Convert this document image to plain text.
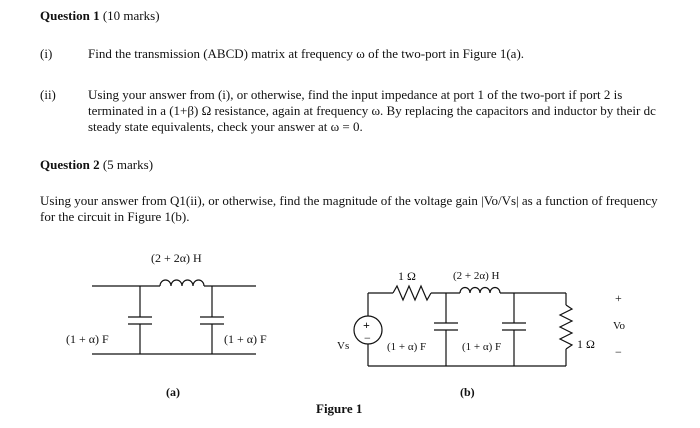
Question 1 (10 marks)
(i)	Find the transmission (ABCD) matrix at frequency ω of the two-port in Figure 1(a).
(ii) Using your answer from (i), or otherwise, find the input impedance at port 1 of the two-port if port 2 is terminated in a (1+β) Ω resistance, again at frequency ω. By replacing the capacitors and inductor by their dc steady state equivalents, check your answer at ω = 0.
Question 2 (5 marks)
Using your answer from Q1(ii), or otherwise, find the magnitude of the voltage gain |Vo/Vs| as a function of frequency for the circuit in Figure 1(b).
(2 + 2α) H
(1 + α) F	(1 + α) F
(a)
1 Ω	(2 + 2α) H
(1 + α) F	(1 + α) F	1 Ω
+
−
Vs
+
Vo
−
(b)
Figure 1
